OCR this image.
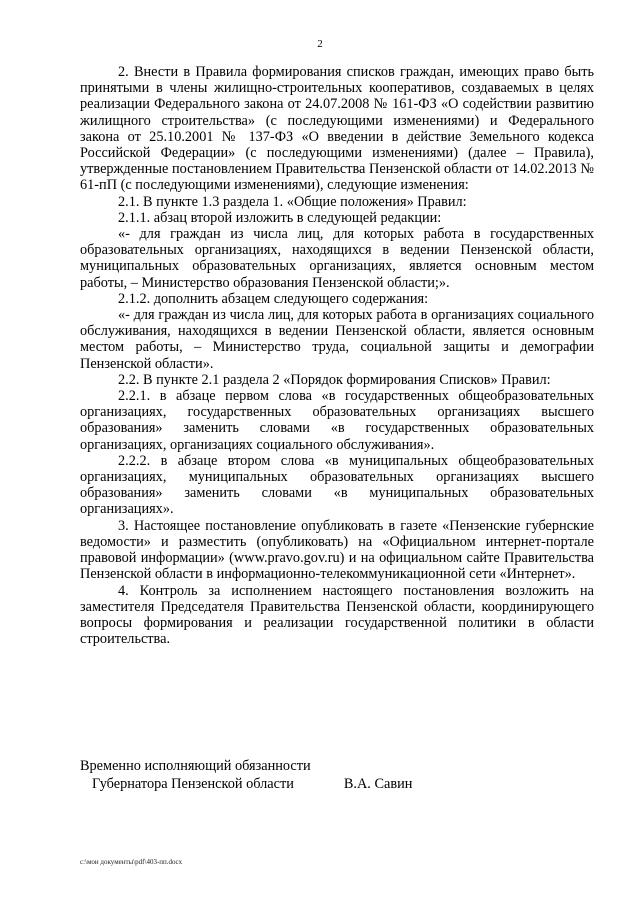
2

2. Внести в Правила формирования списков граждан, имеющих право быть принятыми в члены жилищно-строительных кооперативов, создаваемых в целях реализации Федерального закона от 24.07.2008 № 161-ФЗ «О содействии развитию жилищного строительства» (с последующими изменениями) и Федерального закона от 25.10.2001 № 137-ФЗ «О введении в действие Земельного кодекса Российской Федерации» (с последующими изменениями) (далее – Правила), утвержденные постановлением Правительства Пензенской области от 14.02.2013 № 61-пП (с последующими изменениями), следующие изменения:

2.1. В пункте 1.3 раздела 1. «Общие положения» Правил:

2.1.1. абзац второй изложить в следующей редакции:

«- для граждан из числа лиц, для которых работа в государственных образовательных организациях, находящихся в ведении Пензенской области, муниципальных образовательных организациях, является основным местом работы, – Министерство образования Пензенской области;».

2.1.2. дополнить абзацем следующего содержания:

«- для граждан из числа лиц, для которых работа в организациях социального обслуживания, находящихся в ведении Пензенской области, является основным местом работы, – Министерство труда, социальной защиты и демографии Пензенской области».

2.2. В пункте 2.1 раздела 2 «Порядок формирования Списков» Правил:

2.2.1. в абзаце первом слова «в государственных общеобразовательных организациях, государственных образовательных организациях высшего образования» заменить словами «в государственных образовательных организациях, организациях социального обслуживания».

2.2.2. в абзаце втором слова «в муниципальных общеобразовательных организациях, муниципальных образовательных организациях высшего образования» заменить словами «в муниципальных образовательных организациях».

3. Настоящее постановление опубликовать в газете «Пензенские губернские ведомости» и разместить (опубликовать) на «Официальном интернет-портале правовой информации» (www.pravo.gov.ru) и на официальном сайте Правительства Пензенской области в информационно-телекоммуникационной сети «Интернет».

4. Контроль за исполнением настоящего постановления возложить на заместителя Председателя Правительства Пензенской области, координирующего вопросы формирования и реализации государственной политики в области строительства.

Временно исполняющий обязанности
Губернатора Пензенской области	В.А. Савин
c:\мои документы\pdf\403-пп.docx
